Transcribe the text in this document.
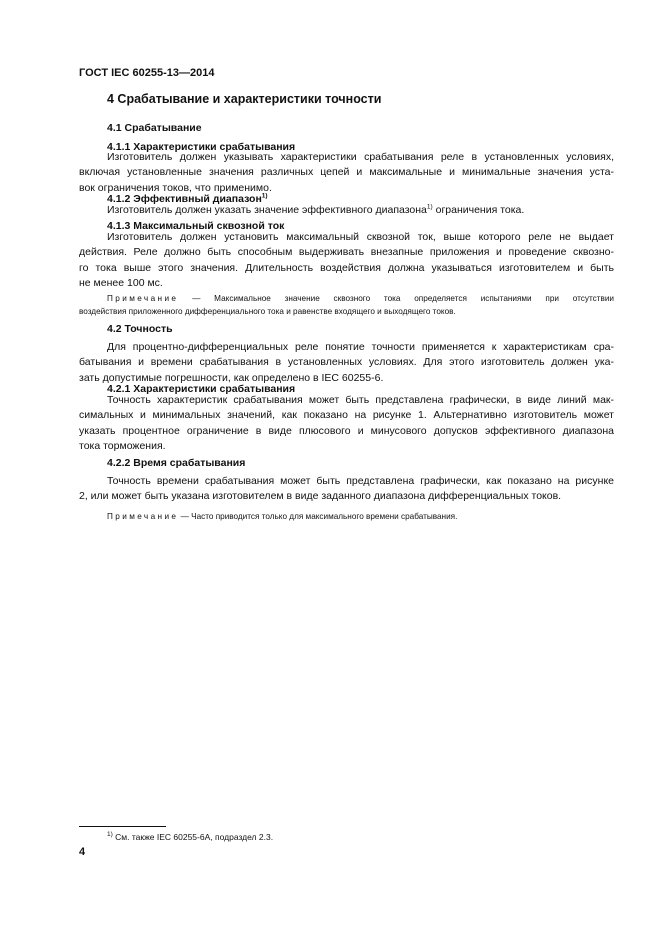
ГОСТ IEC 60255-13—2014
4 Срабатывание и характеристики точности
4.1 Срабатывание
4.1.1 Характеристики срабатывания
Изготовитель должен указывать характеристики срабатывания реле в установленных условиях,
включая установленные значения различных цепей и максимальные и минимальные значения уста-
вок ограничения токов, что применимо.
4.1.2 Эффективный диапазон$^{1)}$
Изготовитель должен указать значение эффективного диапазона$^{1)}$ ограничения тока.
4.1.3 Максимальный сквозной ток
Изготовитель должен установить максимальный сквозной ток, выше которого реле не выдает
действия. Реле должно быть способным выдерживать внезапные приложения и проведение сквозно-
го тока выше этого значения. Длительность воздействия должна указываться изготовителем и быть
не менее 100 мс.
Примечание — Максимальное значение сквозного тока определяется испытаниями при отсутствии
воздействия приложенного дифференциального тока и равенстве входящего и выходящего токов.
4.2 Точность
Для процентно-дифференциальных реле понятие точности применяется к характеристикам сра-
батывания и времени срабатывания в установленных условиях. Для этого изготовитель должен ука-
зать допустимые погрешности, как определено в IEC 60255-6.
4.2.1 Характеристики срабатывания
Точность характеристик срабатывания может быть представлена графически, в виде линий мак-
симальных и минимальных значений, как показано на рисунке 1. Альтернативно изготовитель может
указать процентное ограничение в виде плюсового и минусового допусков эффективного диапазона
тока торможения.
4.2.2 Время срабатывания
Точность времени срабатывания может быть представлена графически, как показано на рисунке
2, или может быть указана изготовителем в виде заданного диапазона дифференциальных токов.
Примечание — Часто приводится только для максимального времени срабатывания.
$^{1)}$ См. также IEC 60255-6A, подраздел 2.3.
4
